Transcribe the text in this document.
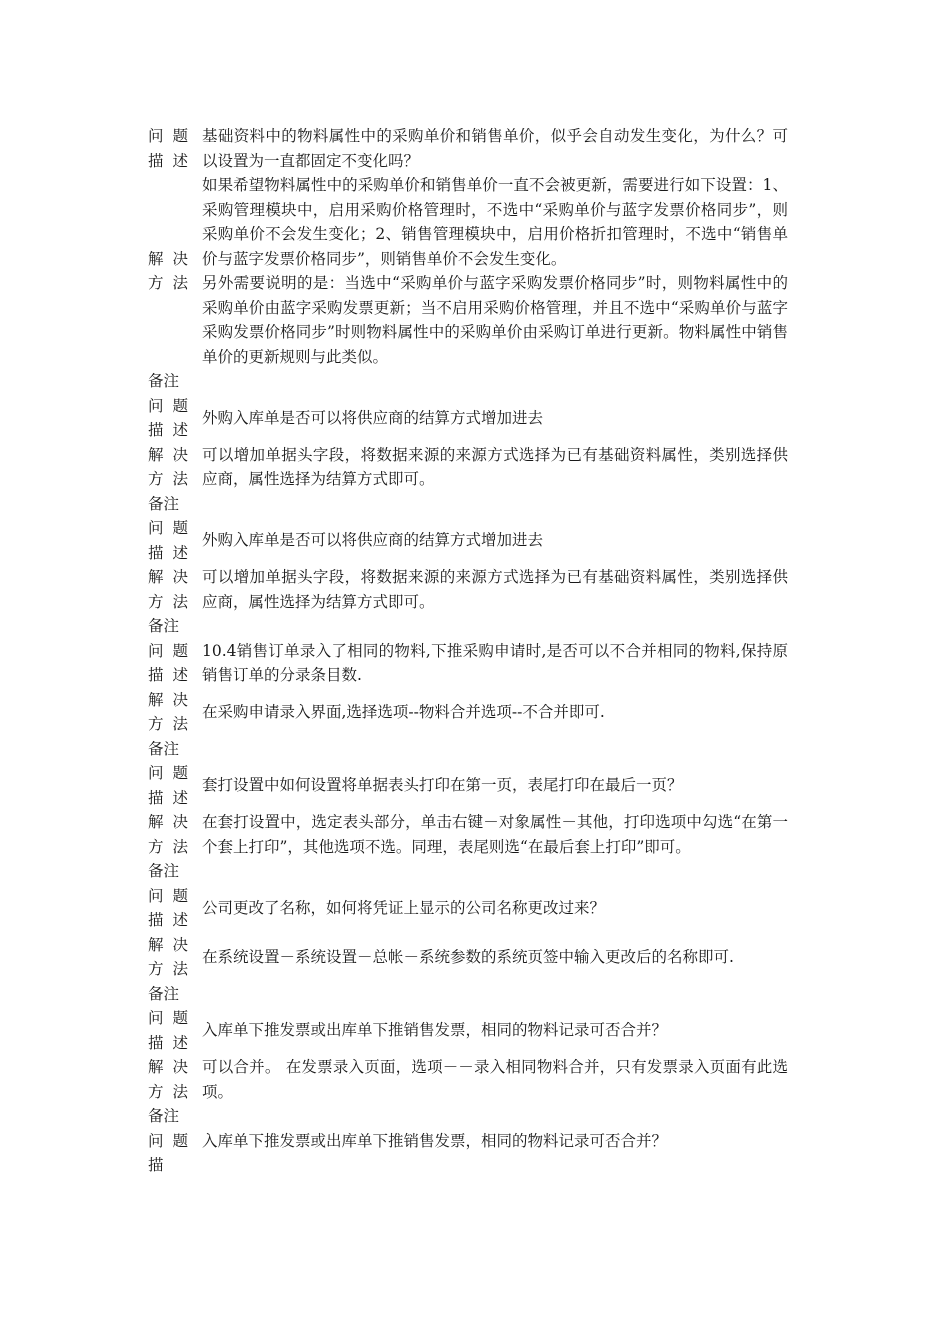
问题描述
基础资料中的物料属性中的采购单价和销售单价，似乎会自动发生变化，为什么？可以设置为一直都固定不变化吗？
解决方法

如果希望物料属性中的采购单价和销售单价一直不会被更新，需要进行如下设置：1、采购管理模块中，启用采购价格管理时，不选中“采购单价与蓝字发票价格同步”，则采购单价不会发生变化；2、销售管理模块中，启用价格折扣管理时，不选中“销售单价与蓝字发票价格同步”，则销售单价不会发生变化。

另外需要说明的是：当选中“采购单价与蓝字采购发票价格同步”时，则物料属性中的采购单价由蓝字采购发票更新；当不启用采购价格管理，并且不选中“采购单价与蓝字采购发票价格同步”时则物料属性中的采购单价由采购订单进行更新。物料属性中销售单价的更新规则与此类似。

备注
问题描述
外购入库单是否可以将供应商的结算方式增加进去
解决方法
可以增加单据头字段，将数据来源的来源方式选择为已有基础资料属性，类别选择供应商，属性选择为结算方式即可。
备注
问题描述
外购入库单是否可以将供应商的结算方式增加进去
解决方法
可以增加单据头字段，将数据来源的来源方式选择为已有基础资料属性，类别选择供应商，属性选择为结算方式即可。
备注
问题描述
10.4销售订单录入了相同的物料,下推采购申请时,是否可以不合并相同的物料,保持原销售订单的分录条目数.
解决方法
在采购申请录入界面,选择选项--物料合并选项--不合并即可.
备注
问题描述
套打设置中如何设置将单据表头打印在第一页，表尾打印在最后一页？
解决方法
在套打设置中，选定表头部分，单击右键－对象属性－其他，打印选项中勾选“在第一个套上打印”，其他选项不选。同理，表尾则选“在最后套上打印”即可。
备注
问题描述
公司更改了名称，如何将凭证上显示的公司名称更改过来？
解决方法
在系统设置－系统设置－总帐－系统参数的系统页签中输入更改后的名称即可.
备注
问题描述
入库单下推发票或出库单下推销售发票，相同的物料记录可否合并？
解决方法
可以合并。 在发票录入页面，选项－－录入相同物料合并，只有发票录入页面有此选项。
备注
问题描
入库单下推发票或出库单下推销售发票，相同的物料记录可否合并？
